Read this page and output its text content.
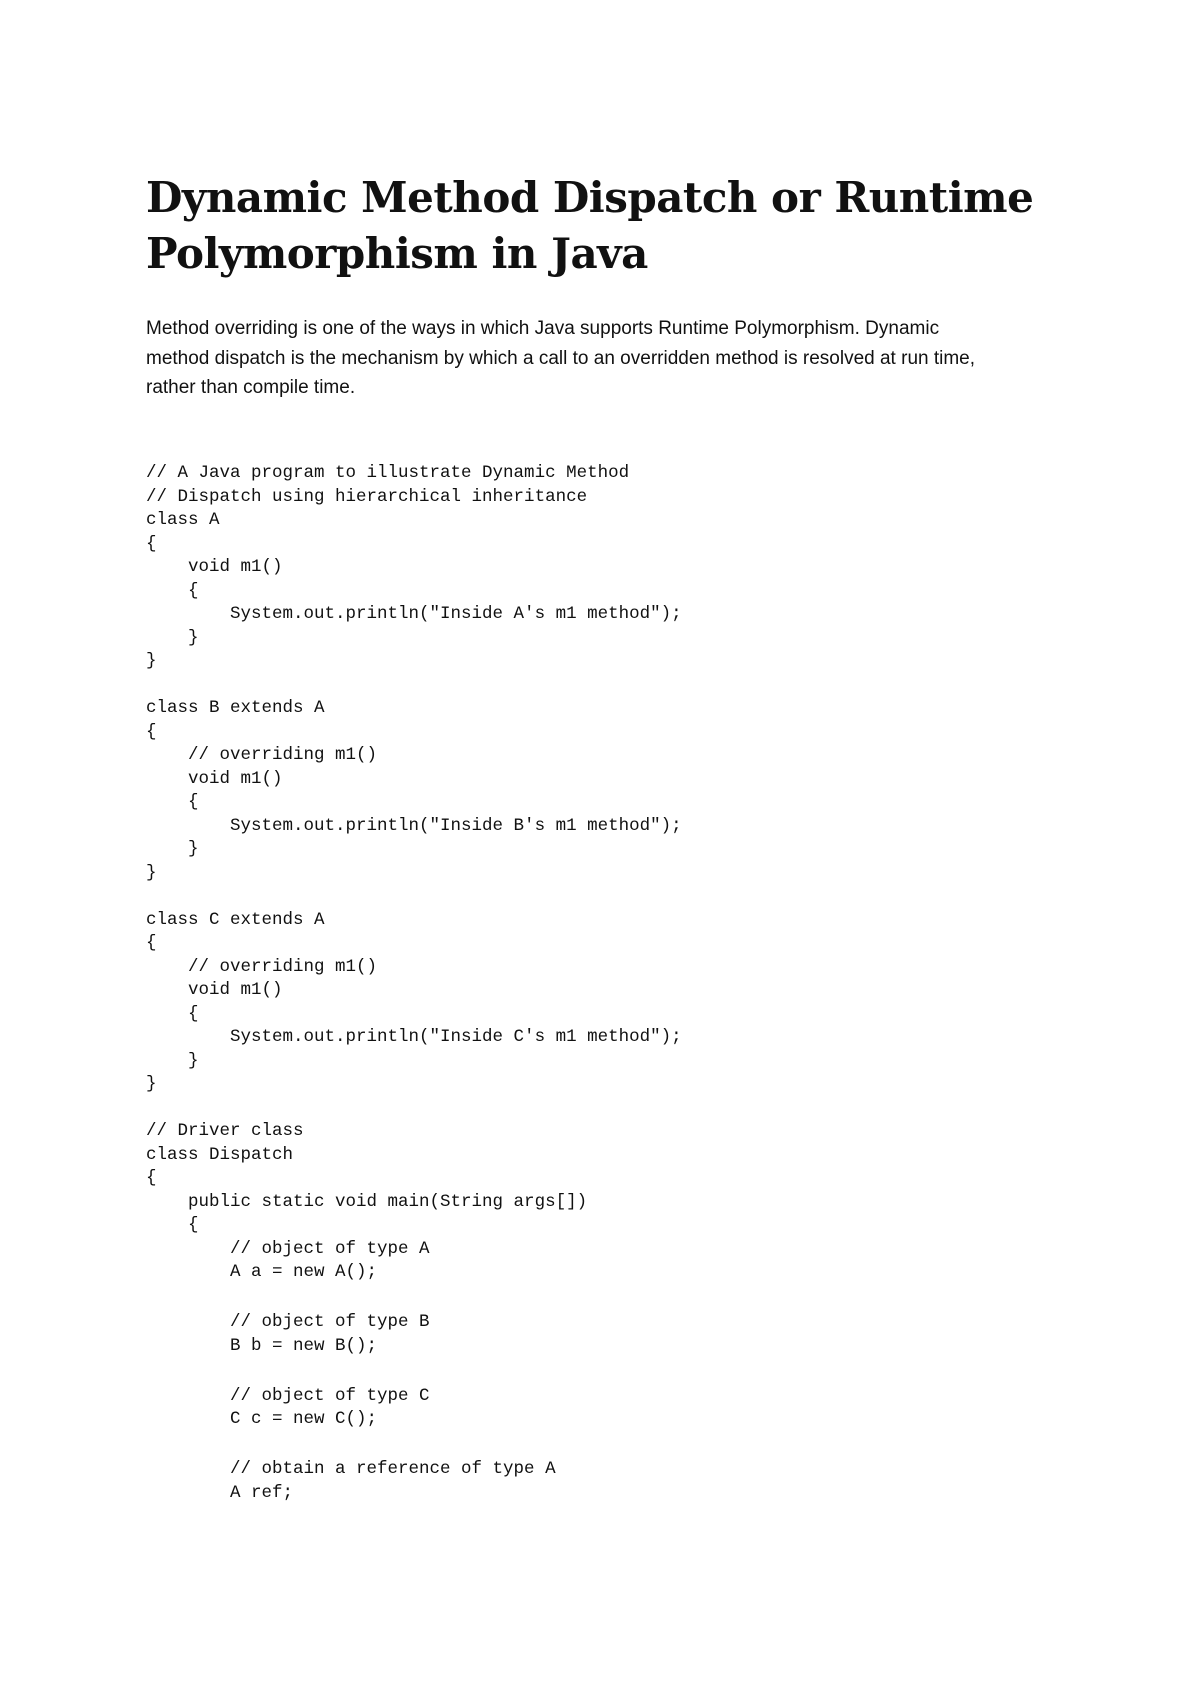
Dynamic Method Dispatch or Runtime
Polymorphism in Java

Method overriding is one of the ways in which Java supports Runtime Polymorphism. Dynamic
method dispatch is the mechanism by which a call to an overridden method is resolved at run time,
rather than compile time.

// A Java program to illustrate Dynamic Method
// Dispatch using hierarchical inheritance
class A
{
void m1()
{
System.out.println("Inside A's m1 method");
}
}
class B extends A
{
// overriding m1()
void m1()
{
System.out.println("Inside B's m1 method");
}
}
class C extends A
{
// overriding m1()
void m1()
{
System.out.println("Inside C's m1 method");
}
}
// Driver class
class Dispatch
{
public static void main(String args[])
{
// object of type A
A a = new A();
// object of type B
B b = new B();
// object of type C
C c = new C();
// obtain a reference of type A
A ref;
